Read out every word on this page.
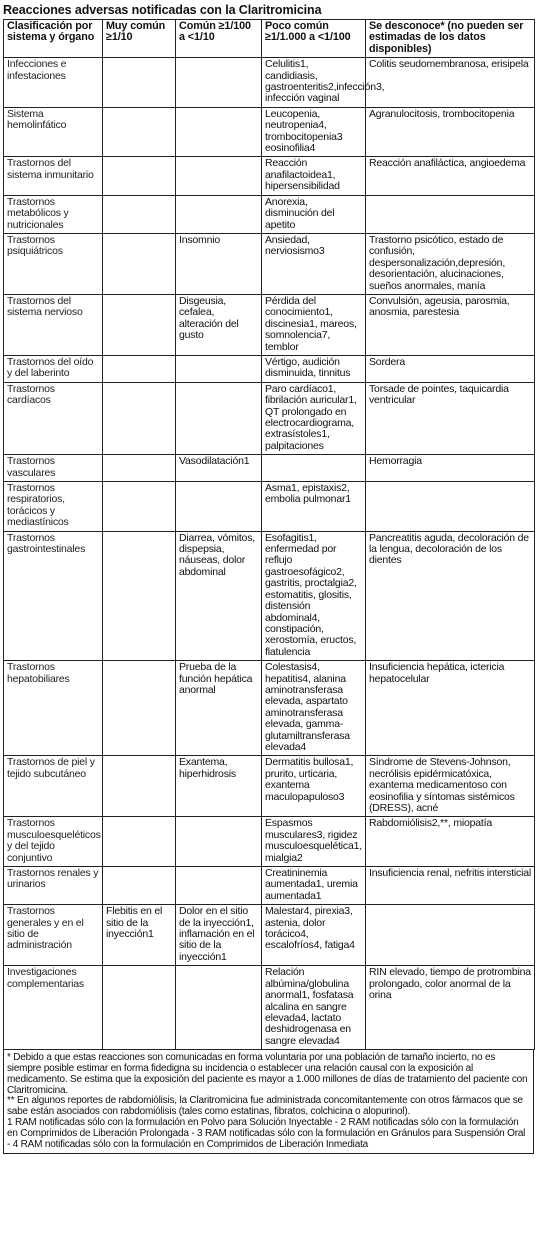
Reacciones adversas notificadas con la Claritromicina
Clasificación por sistema y órgano	Muy común ≥1/10	Común ≥1/100 a <1/10	Poco común ≥1/1.000 a <1/100	Se desconoce* (no pueden ser estimadas de los datos disponibles)
Infecciones e infestaciones			Celulitis1, candidiasis, gastroenteritis2,infección3, infección vaginal	Colitis seudomembranosa, erisipela
Sistema hemolinfático			Leucopenia, neutropenia4, trombocitopenia3 eosinofilia4	Agranulocitosis, trombocitopenia
Trastornos del sistema inmunitario			Reacción anafilactoidea1, hipersensibilidad	Reacción anafiláctica, angioedema
Trastornos metabólicos y nutricionales			Anorexia, disminución del apetito	
Trastornos psiquiátricos		Insomnio	Ansiedad, nerviosismo3	Trastorno psicótico, estado de confusión, despersonalización,depresión, desorientación, alucinaciones, sueños anormales, manía
Trastornos del sistema nervioso		Disgeusia, cefalea, alteración del gusto	Pérdida del conocimiento1, discinesia1, mareos, somnolencia7, temblor	Convulsión, ageusia, parosmia, anosmia, parestesia
Trastornos del oído y del laberinto			Vértigo, audición disminuida, tinnitus	Sordera
Trastornos cardíacos			Paro cardíaco1, fibrilación auricular1, QT prolongado en electrocardiograma, extrasístoles1, palpitaciones	Torsade de pointes, taquicardia ventricular
Trastornos vasculares		Vasodilatación1		Hemorragia
Trastornos respiratorios, torácicos y mediastínicos			Asma1, epistaxis2, embolia pulmonar1	
Trastornos gastrointestinales		Diarrea, vómitos, dispepsia, náuseas, dolor abdominal	Esofagitis1, enfermedad por reflujo gastroesofágico2, gastritis, proctalgia2, estomatitis, glositis, distensión abdominal4, constipación, xerostomía, eructos, flatulencia	Pancreatitis aguda, decoloración de la lengua, decoloración de los dientes
Trastornos hepatobiliares		Prueba de la función hepática anormal	Colestasis4, hepatitis4, alanina aminotransferasa elevada, aspartato aminotransferasa elevada, gamma-glutamiltransferasa elevada4	Insuficiencia hepática, ictericia hepatocelular
Trastornos de piel y tejido subcutáneo		Exantema, hiperhidrosis	Dermatitis bullosa1, prurito, urticaria, exantema maculopapuloso3	Síndrome de Stevens-Johnson, necrólisis epidérmicatóxica, exantema medicamentoso con eosinofilia y síntomas sistémicos (DRESS), acné
Trastornos musculoesqueléticos y del tejido conjuntivo			Espasmos musculares3, rigidez musculoesquelética1, mialgia2	Rabdomiólisis2,**, miopatía
Trastornos renales y urinarios			Creatininemia aumentada1, uremia aumentada1	Insuficiencia renal, nefritis intersticial
Trastornos generales y en el sitio de administración	Flebitis en el sitio de la inyección1	Dolor en el sitio de la inyección1, inflamación en el sitio de la inyección1	Malestar4, pirexia3, astenia, dolor torácico4, escalofríos4, fatiga4	
Investigaciones complementarias			Relación albúmina/globulina anormal1, fosfatasa alcalina en sangre elevada4, lactato deshidrogenasa en sangre elevada4	RIN elevado, tiempo de protrombina prolongado, color anormal de la orina

* Debido a que estas reacciones son comunicadas en forma voluntaria por una población de tamaño incierto, no es siempre posible estimar en forma fidedigna su incidencia o establecer una relación causal con la exposición al medicamento. Se estima que la exposición del paciente es mayor a 1.000 millones de días de tratamiento del paciente con Claritromicina.

** En algunos reportes de rabdomiólisis, la Claritromicina fue administrada concomitantemente con otros fármacos que se sabe están asociados con rabdomiólisis (tales como estatinas, fibratos, colchicina o alopurinol).

1 RAM notificadas sólo con la formulación en Polvo para Solución Inyectable - 2 RAM notificadas sólo con la formulación en Comprimidos de Liberación Prolongada - 3 RAM notificadas sólo con la formulación en Gránulos para Suspensión Oral - 4 RAM notificadas sólo con la formulación en Comprimidos de Liberación Inmediata
